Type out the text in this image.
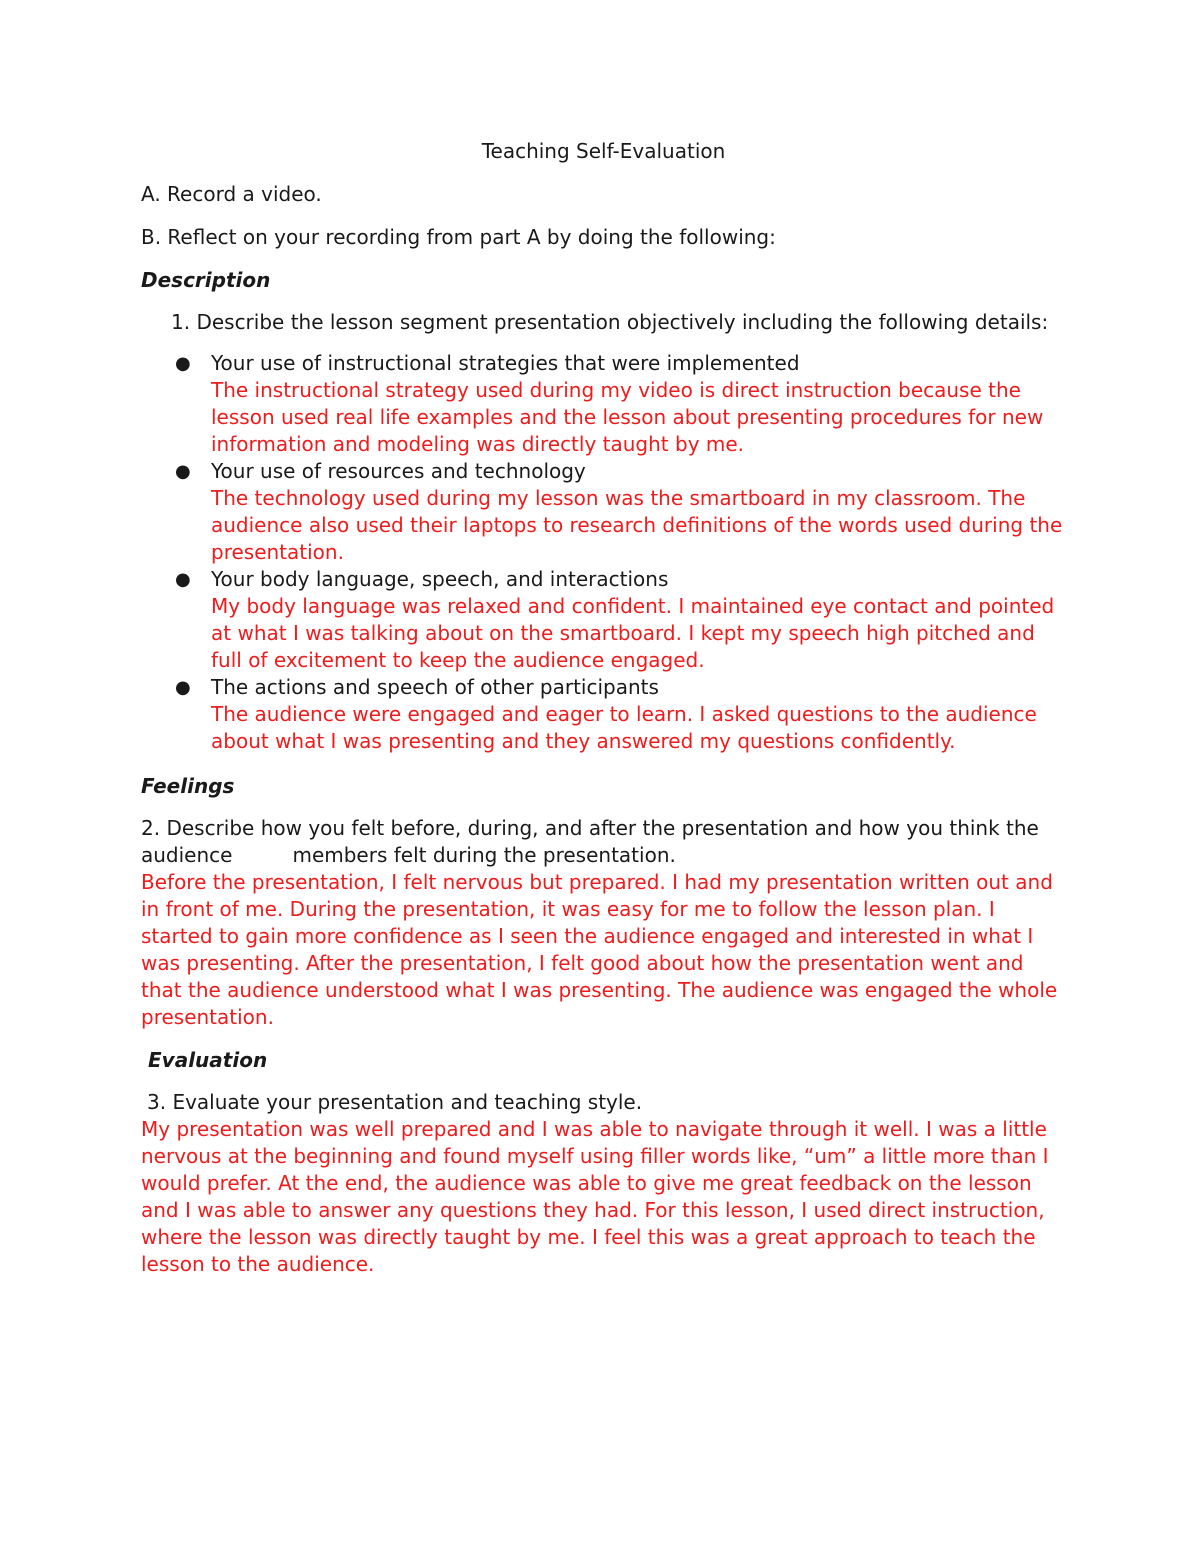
Teaching Self-Evaluation
A. Record a video.
B. Reflect on your recording from part A by doing the following:
Description
1. Describe the lesson segment presentation objectively including the following details:
● Your use of instructional strategies that were implemented
The instructional strategy used during my video is direct instruction because the lesson used real life examples and the lesson about presenting procedures for new information and modeling was directly taught by me.
● Your use of resources and technology
The technology used during my lesson was the smartboard in my classroom. The audience also used their laptops to research definitions of the words used during the presentation.
● Your body language, speech, and interactions
My body language was relaxed and confident. I maintained eye contact and pointed at what I was talking about on the smartboard. I kept my speech high pitched and full of excitement to keep the audience engaged.
● The actions and speech of other participants
The audience were engaged and eager to learn. I asked questions to the audience about what I was presenting and they answered my questions confidently.
Feelings
2. Describe how you felt before, during, and after the presentation and how you think the audience	members felt during the presentation.
Before the presentation, I felt nervous but prepared. I had my presentation written out and in front of me. During the presentation, it was easy for me to follow the lesson plan. I started to gain more confidence as I seen the audience engaged and interested in what I was presenting. After the presentation, I felt good about how the presentation went and that the audience understood what I was presenting. The audience was engaged the whole presentation.
Evaluation
3. Evaluate your presentation and teaching style.
My presentation was well prepared and I was able to navigate through it well. I was a little nervous at the beginning and found myself using filler words like, “um” a little more than I would prefer. At the end, the audience was able to give me great feedback on the lesson and I was able to answer any questions they had. For this lesson, I used direct instruction, where the lesson was directly taught by me. I feel this was a great approach to teach the lesson to the audience.
